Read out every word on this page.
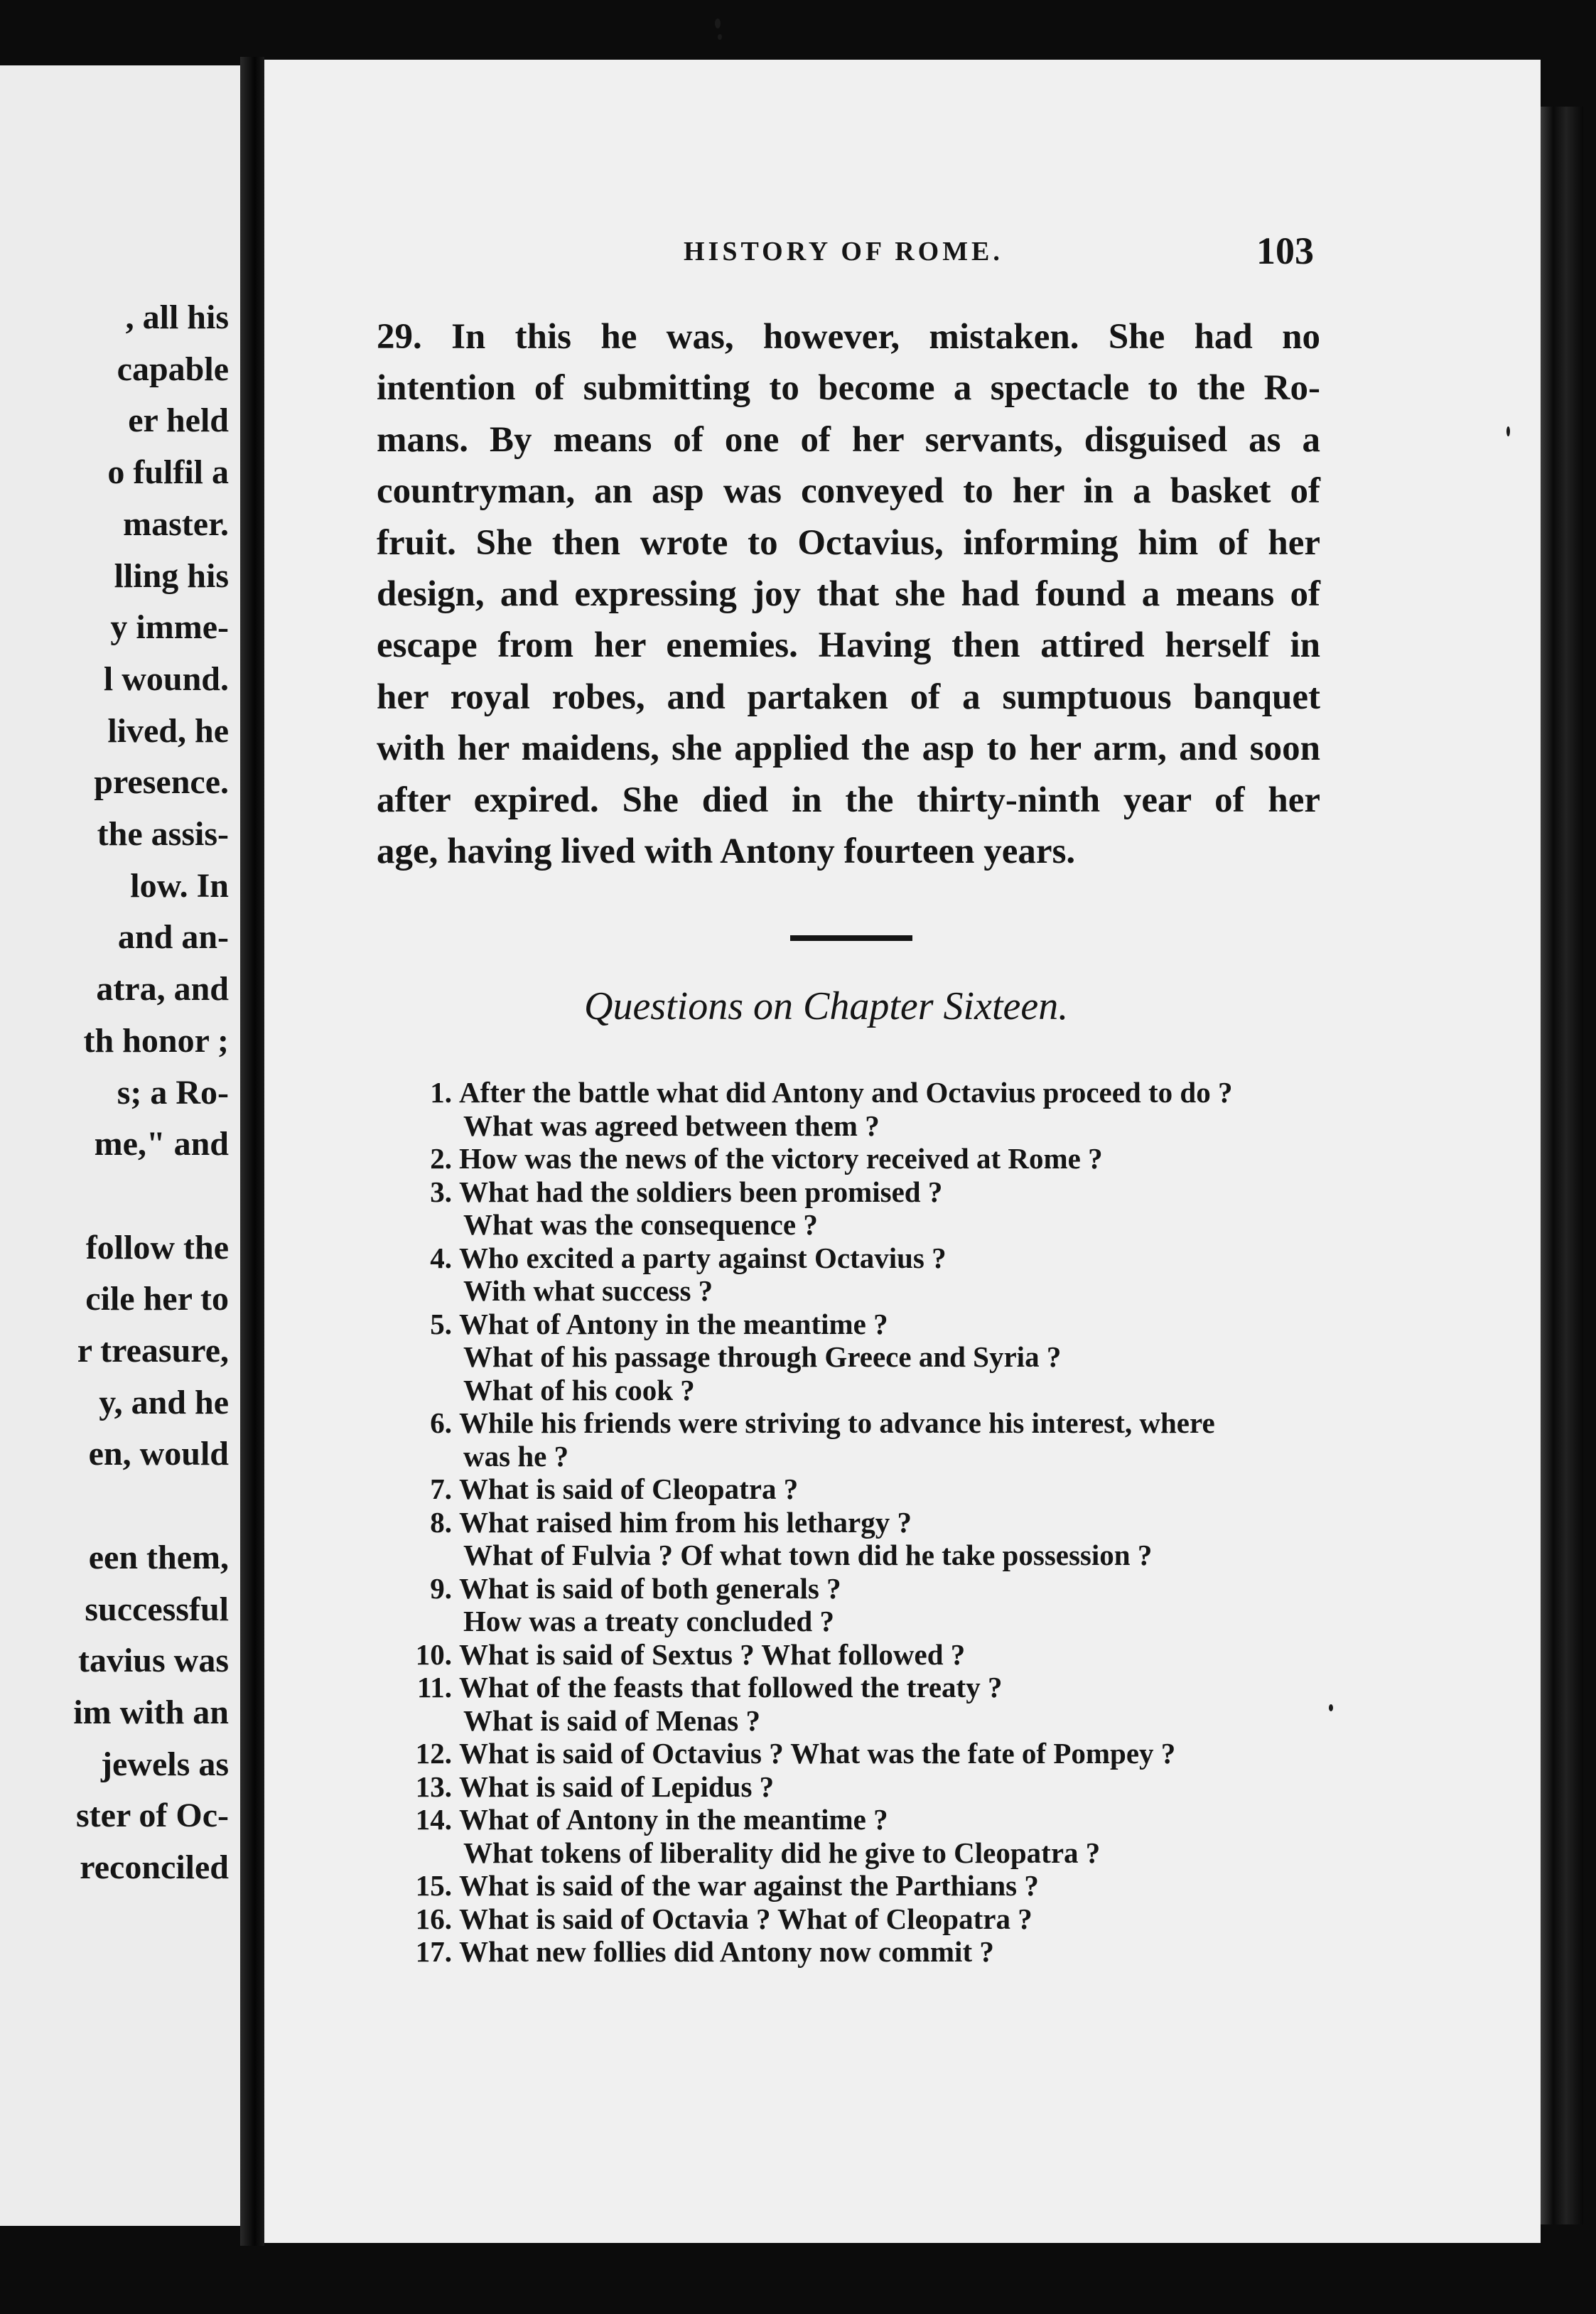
, all his
capable
er held
o fulfil a
master.
lling his
y imme-
l wound.
lived, he
presence.
the assis-
low. In
and an-
atra, and
th honor ;
s; a Ro-
me," and
follow the
cile her to
r treasure,
y, and he
en, would
een them,
successful
tavius was
im with an
jewels as
ster of Oc-
reconciled
HISTORY OF ROME.	103
29. In this he was, however, mistaken. She had no
intention of submitting to become a spectacle to the Ro-
mans. By means of one of her servants, disguised as a
countryman, an asp was conveyed to her in a basket of
fruit. She then wrote to Octavius, informing him of her
design, and expressing joy that she had found a means of
escape from her enemies. Having then attired herself in
her royal robes, and partaken of a sumptuous banquet
with her maidens, she applied the asp to her arm, and soon
after expired. She died in the thirty-ninth year of her
age, having lived with Antony fourteen years.
Questions on Chapter Sixteen.
1. After the battle what did Antony and Octavius proceed to do ?
What was agreed between them ?
2. How was the news of the victory received at Rome ?
3. What had the soldiers been promised ?
What was the consequence ?
4. Who excited a party against Octavius ?
With what success ?
5. What of Antony in the meantime ?
What of his passage through Greece and Syria ?
What of his cook ?
6. While his friends were striving to advance his interest, where
was he ?
7. What is said of Cleopatra ?
8. What raised him from his lethargy ?
What of Fulvia ? Of what town did he take possession ?
9. What is said of both generals ?
How was a treaty concluded ?
10. What is said of Sextus ? What followed ?
11. What of the feasts that followed the treaty ?
What is said of Menas ?
12. What is said of Octavius ? What was the fate of Pompey ?
13. What is said of Lepidus ?
14. What of Antony in the meantime ?
What tokens of liberality did he give to Cleopatra ?
15. What is said of the war against the Parthians ?
16. What is said of Octavia ? What of Cleopatra ?
17. What new follies did Antony now commit ?
